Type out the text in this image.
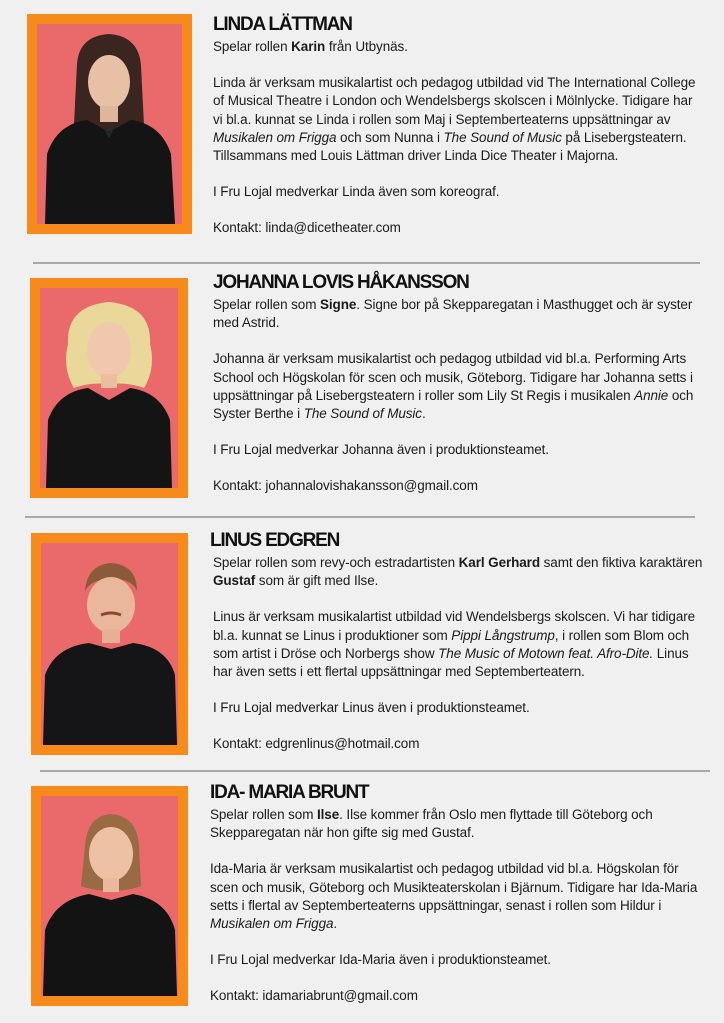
LINDA LÄTTMAN

Spelar rollen Karin från Utbynäs.

Linda är verksam musikalartist och pedagog utbildad vid The International College of Musical Theatre i London och Wendelsbergs skolscen i Mölnlycke. Tidigare har vi bl.a. kunnat se Linda i rollen som Maj i Septemberteaterns uppsättningar av Musikalen om Frigga och som Nunna i The Sound of Music på Lisebergsteatern. Tillsammans med Louis Lättman driver Linda Dice Theater i Majorna.

I Fru Lojal medverkar Linda även som koreograf.

Kontakt: linda@dicetheater.com

JOHANNA LOVIS HÅKANSSON

Spelar rollen som Signe. Signe bor på Skepparegatan i Masthugget och är syster med Astrid.

Johanna är verksam musikalartist och pedagog utbildad vid bl.a. Performing Arts School och Högskolan för scen och musik, Göteborg. Tidigare har Johanna setts i uppsättningar på Lisebergsteatern i roller som Lily St Regis i musikalen Annie och Syster Berthe i The Sound of Music.

I Fru Lojal medverkar Johanna även i produktionsteamet.

Kontakt: johannalovishakansson@gmail.com

LINUS EDGREN

Spelar rollen som revy-och estradartisten Karl Gerhard samt den fiktiva karaktären Gustaf som är gift med Ilse.

Linus är verksam musikalartist utbildad vid Wendelsbergs skolscen. Vi har tidigare bl.a. kunnat se Linus i produktioner som Pippi Långstrump, i rollen som Blom och som artist i Dröse och Norbergs show The Music of Motown feat. Afro-Dite. Linus har även setts i ett flertal uppsättningar med Septemberteatern.

I Fru Lojal medverkar Linus även i produktionsteamet.

Kontakt: edgrenlinus@hotmail.com

IDA- MARIA BRUNT

Spelar rollen som Ilse. Ilse kommer från Oslo men flyttade till Göteborg och Skepparegatan när hon gifte sig med Gustaf.

Ida-Maria är verksam musikalartist och pedagog utbildad vid bl.a. Högskolan för scen och musik, Göteborg och Musikteaterskolan i Bjärnum. Tidigare har Ida-Maria setts i flertal av Septemberteaterns uppsättningar, senast i rollen som Hildur i Musikalen om Frigga.

I Fru Lojal medverkar Ida-Maria även i produktionsteamet.

Kontakt: idamariabrunt@gmail.com
